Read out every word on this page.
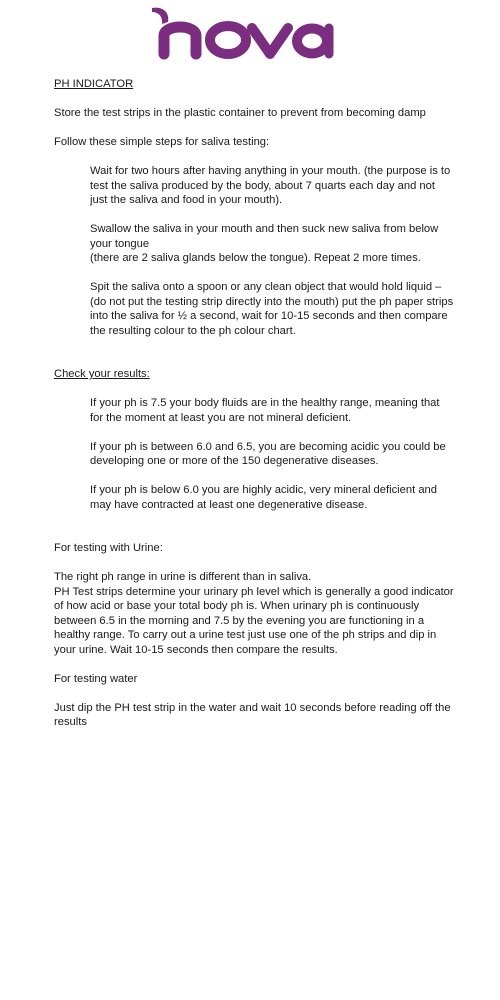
PH INDICATOR

Store the test strips in the plastic container to prevent from becoming damp

Follow these simple steps for saliva testing:

Wait for two hours after having anything in your mouth. (the purpose is to test the saliva produced by the body, about 7 quarts each day and not just the saliva and food in your mouth).

Swallow the saliva in your mouth and then suck new saliva from below your tongue

(there are 2 saliva glands below the tongue). Repeat 2 more times.

Spit the saliva onto a spoon or any clean object that would hold liquid –(do not put the testing strip directly into the mouth) put the ph paper strips into the saliva for ½ a second, wait for 10-15 seconds and then compare the resulting colour to the ph colour chart.

Check your results:

If your ph is 7.5 your body fluids are in the healthy range, meaning that for the moment at least you are not mineral deficient.

If your ph is between 6.0 and 6.5, you are becoming acidic you could be developing one or more of the 150 degenerative diseases.

If your ph is below 6.0 you are highly acidic, very mineral deficient and may have contracted at least one degenerative disease.

For testing with Urine:

The right ph range in urine is different than in saliva.

PH Test strips determine your urinary ph level which is generally a good indicator of how acid or base your total body ph is. When urinary ph is continuously between 6.5 in the morning and 7.5 by the evening you are functioning in a healthy range. To carry out a urine test just use one of the ph strips and dip in your urine. Wait 10-15 seconds then compare the results.

For testing water

Just dip the PH test strip in the water and wait 10 seconds before reading off the results
